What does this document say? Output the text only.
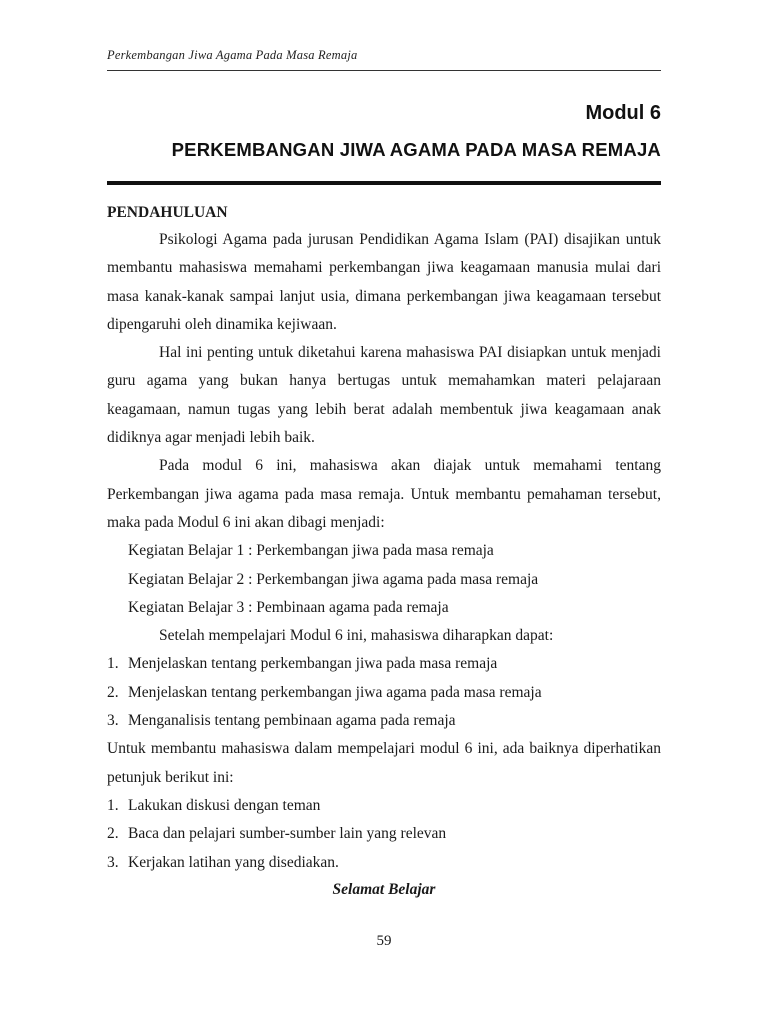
Perkembangan Jiwa Agama Pada Masa Remaja
Modul 6
PERKEMBANGAN JIWA AGAMA PADA MASA REMAJA

PENDAHULUAN

Psikologi Agama pada jurusan Pendidikan Agama Islam (PAI) disajikan untuk membantu mahasiswa memahami perkembangan jiwa keagamaan manusia mulai dari masa kanak-kanak sampai lanjut usia, dimana perkembangan jiwa keagamaan tersebut dipengaruhi oleh dinamika kejiwaan.

Hal ini penting untuk diketahui karena mahasiswa PAI disiapkan untuk menjadi guru agama yang bukan hanya bertugas untuk memahamkan materi pelajaraan keagamaan, namun tugas yang lebih berat adalah membentuk jiwa keagamaan anak didiknya agar menjadi lebih baik.

Pada modul 6 ini, mahasiswa akan diajak untuk memahami tentang Perkembangan jiwa agama pada masa remaja. Untuk membantu pemahaman tersebut, maka pada Modul 6 ini akan dibagi menjadi:

Kegiatan Belajar 1 : Perkembangan jiwa pada masa remaja
Kegiatan Belajar 2 : Perkembangan jiwa agama pada masa remaja
Kegiatan Belajar 3 : Pembinaan agama pada remaja

Setelah mempelajari Modul 6 ini, mahasiswa diharapkan dapat:

1. Menjelaskan tentang perkembangan jiwa pada masa remaja
2. Menjelaskan tentang perkembangan jiwa agama pada masa remaja
3. Menganalisis tentang pembinaan agama pada remaja

Untuk membantu mahasiswa dalam mempelajari modul 6 ini, ada baiknya diperhatikan petunjuk berikut ini:

1. Lakukan diskusi dengan teman
2. Baca dan pelajari sumber-sumber lain yang relevan
3. Kerjakan latihan yang disediakan.

Selamat Belajar

59
